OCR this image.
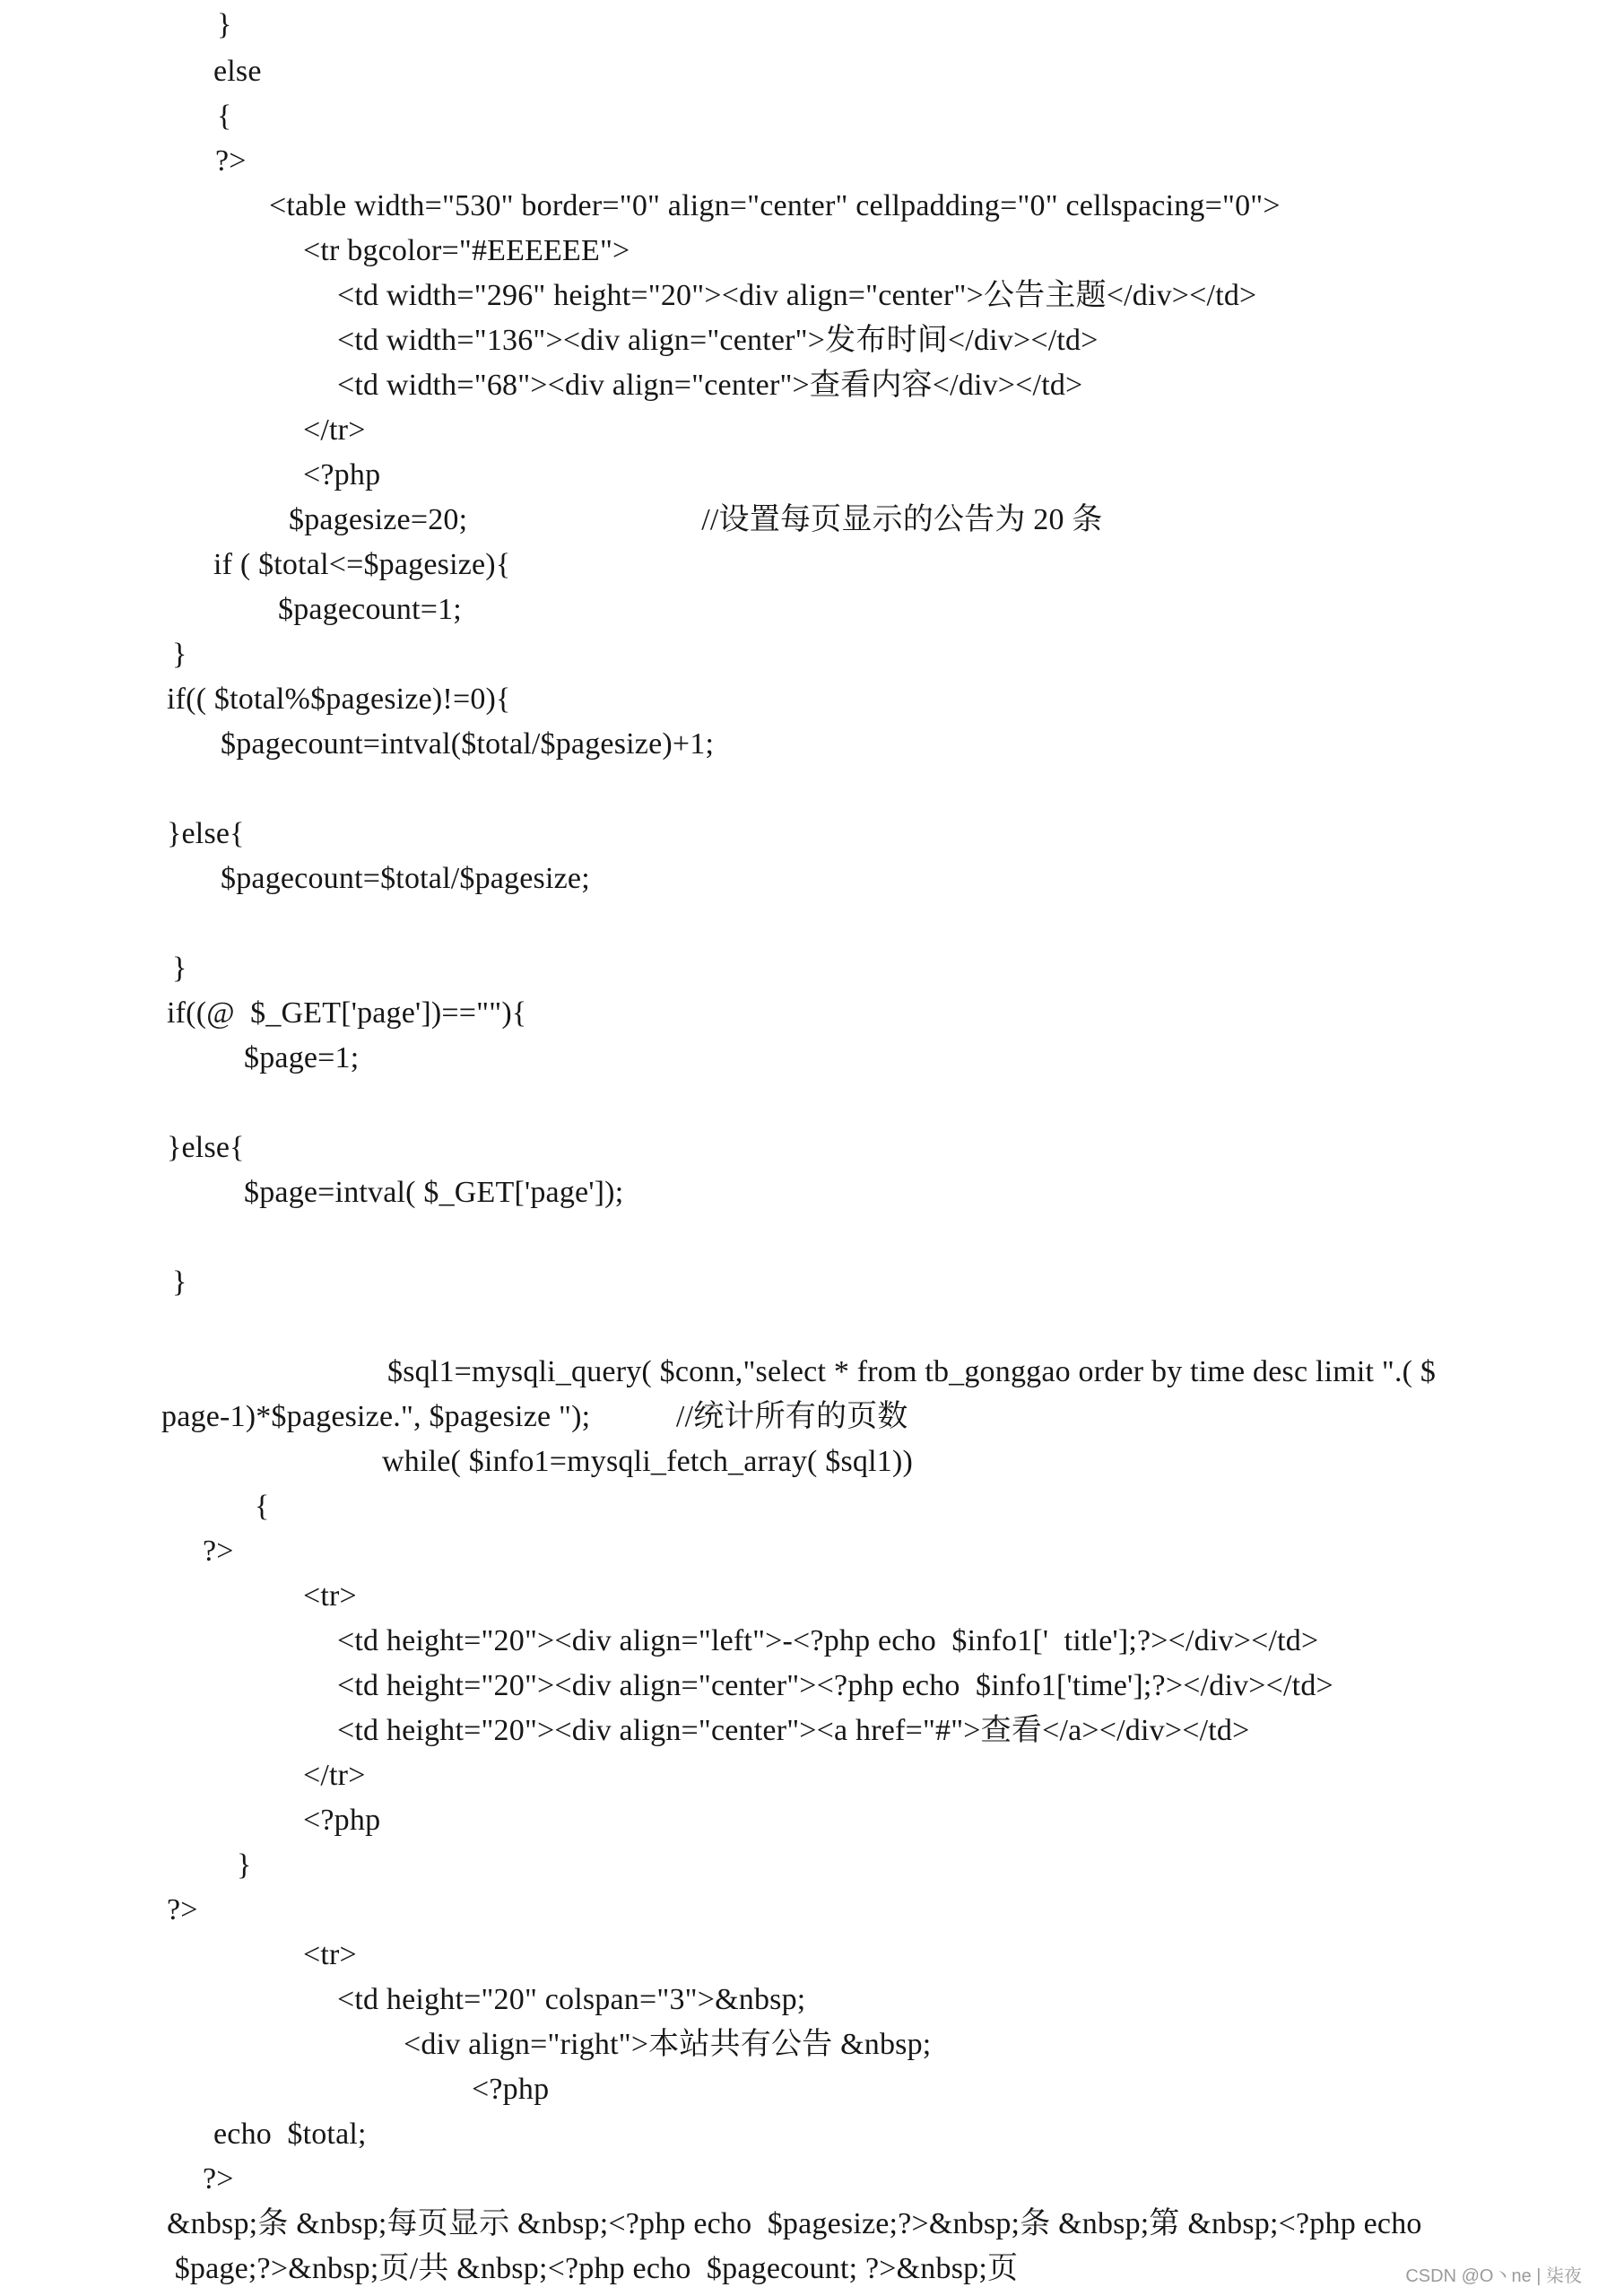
}
else
{
?>
<table width="530" border="0" align="center" cellpadding="0" cellspacing="0">
<tr bgcolor="#EEEEEE">
<td width="296" height="20"><div align="center">公告主题</div></td>
<td width="136"><div align="center">发布时间</div></td>
<td width="68"><div align="center">查看内容</div></td>
</tr>
<?php
$pagesize=20;                              //设置每页显示的公告为 20 条
if ( $total<=$pagesize){
$pagecount=1;
}
if(( $total%$pagesize)!=0){
$pagecount=intval($total/$pagesize)+1;
}else{
$pagecount=$total/$pagesize;
}
if((@  $_GET['page'])==""){
$page=1;
}else{
$page=intval( $_GET['page']);
}
$sql1=mysqli_query( $conn,"select * from tb_gonggao order by time desc limit ".( $
page-1)*$pagesize.", $pagesize ");           //统计所有的页数
while( $info1=mysqli_fetch_array( $sql1))
{
?>
<tr>
<td height="20"><div align="left">-<?php echo  $info1['  title'];?></div></td>
<td height="20"><div align="center"><?php echo  $info1['time'];?></div></td>
<td height="20"><div align="center"><a href="#">查看</a></div></td>
</tr>
<?php
}
?>
<tr>
<td height="20" colspan="3">&nbsp;
<div align="right">本站共有公告 &nbsp;
<?php
echo  $total;
?>
&nbsp;条 &nbsp;每页显示 &nbsp;<?php echo  $pagesize;?>&nbsp;条 &nbsp;第 &nbsp;<?php echo
$page;?>&nbsp;页/共 &nbsp;<?php echo  $pagecount; ?>&nbsp;页	CSDN @O丶ne | 柒夜
